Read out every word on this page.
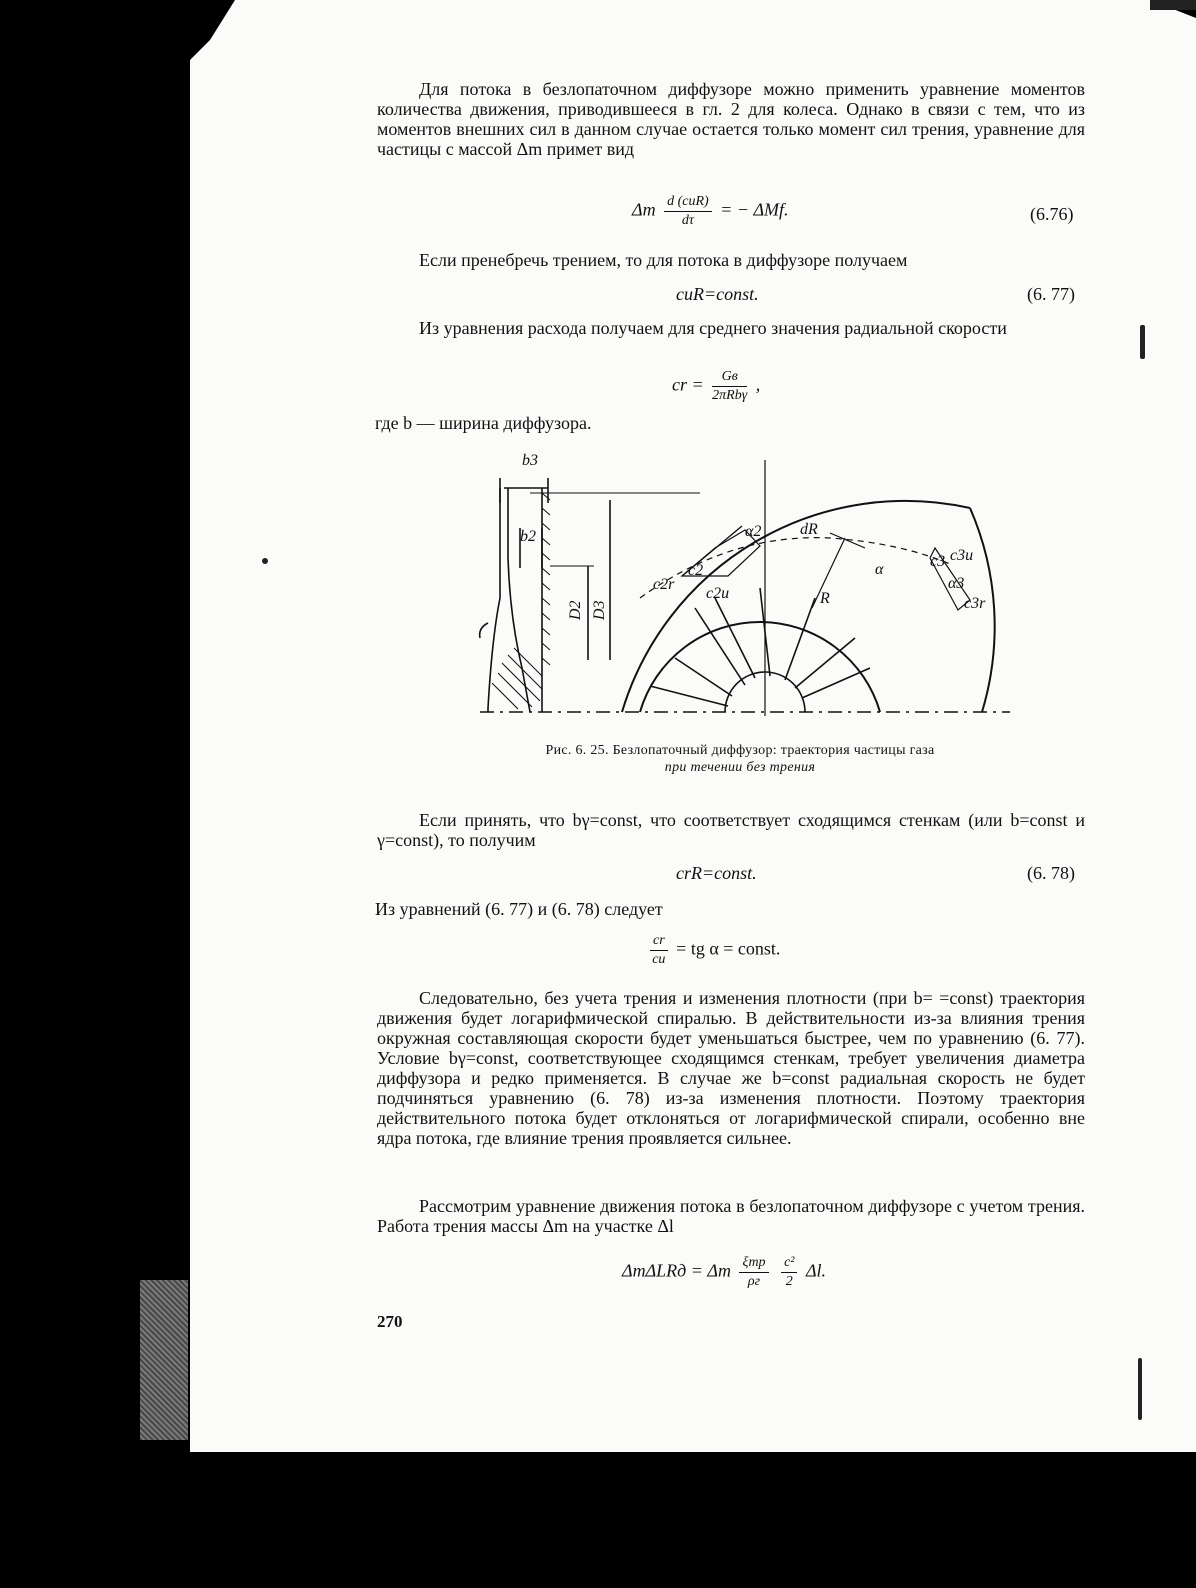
Для потока в безлопаточном диффузоре можно применить уравнение моментов количества движения, приводившееся в гл. 2 для колеса. Однако в связи с тем, что из моментов внешних сил в данном случае остается только момент сил трения, уравнение для частицы с массой Δm примет вид
Δm $\frac{\text{d (cuR)}}{d\tau}$ = − ΔMf.	(6.76)
Если пренебречь трением, то для потока в диффузоре получаем
cuR=const.	(6. 77)
Из уравнения расхода получаем для среднего значения радиальной скорости
cr = $\frac{Gв}{\text{2πRbγ}}$ ,
где b — ширина диффузора.
b3
b2
D2 D3
dR
α2
α
α3
c2
c2r
c2u	R
c3 c3u
c3r
Рис. 6. 25. Безлопаточный диффузор: траектория частицы газа
при течении без трения
Если принять, что bγ=const, что соответствует сходящимся стенкам (или b=const и γ=const), то получим
crR=const.	(6. 78)
Из уравнений (6. 77) и (6. 78) следует
$\frac{cr}{cu}$ = tg α = const.
Следовательно, без учета трения и изменения плотности (при b= =const) траектория движения будет логарифмической спиралью. В действительности из-за влияния трения окружная составляющая скорости будет уменьшаться быстрее, чем по уравнению (6. 77). Условие bγ=const, соответствующее сходящимся стенкам, требует увеличения диаметра диффузора и редко применяется. В случае же b=const радиальная скорость не будет подчиняться уравнению (6. 78) из-за изменения плотности. Поэтому траектория действительного потока будет отклоняться от логарифмической спирали, особенно вне ядра потока, где влияние трения проявляется сильнее.
Рассмотрим уравнение движения потока в безлопаточном диффузоре с учетом трения. Работа трения массы Δm на участке Δl
ΔmΔLRд = Δm $\frac{\text{ξтр}}{\rho г}$
$\frac{\text{c²}}{2} \Delta l$.
270
